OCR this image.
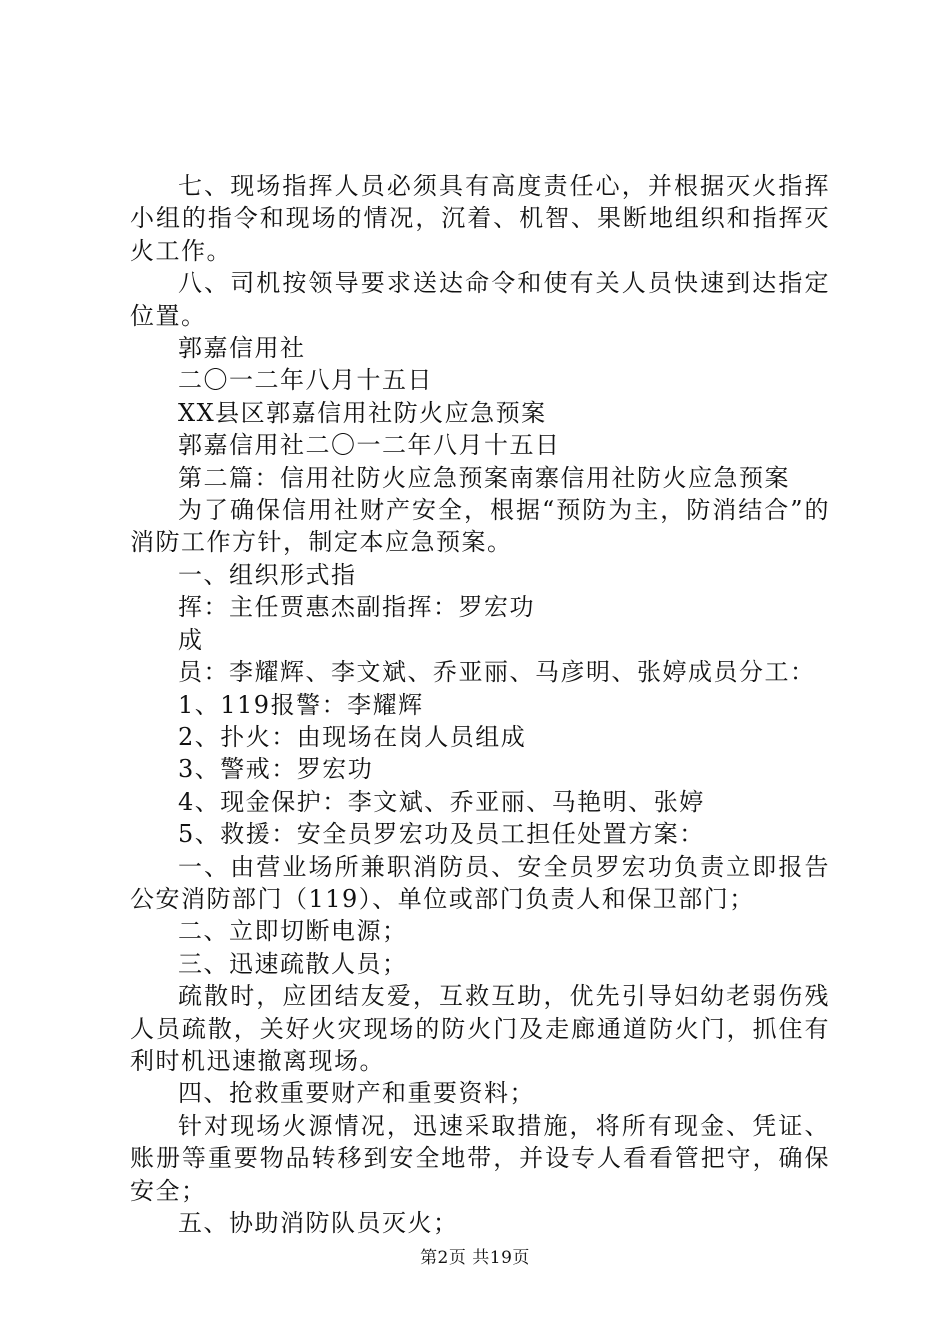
七、现场指挥人员必须具有高度责任心，并根据灭火指挥小组的指令和现场的情况，沉着、机智、果断地组织和指挥灭火工作。

八、司机按领导要求送达命令和使有关人员快速到达指定位置。

郭嘉信用社

二〇一二年八月十五日

XX县区郭嘉信用社防火应急预案

郭嘉信用社二〇一二年八月十五日

第二篇：信用社防火应急预案南寨信用社防火应急预案

为了确保信用社财产安全，根据“预防为主，防消结合”的消防工作方针，制定本应急预案。

一、组织形式指

挥：主任贾惠杰副指挥：罗宏功

成

员：李耀辉、李文斌、乔亚丽、马彦明、张婷成员分工：

1、119报警：李耀辉

2、扑火：由现场在岗人员组成

3、警戒：罗宏功

4、现金保护：李文斌、乔亚丽、马艳明、张婷

5、救援：安全员罗宏功及员工担任处置方案：

一、由营业场所兼职消防员、安全员罗宏功负责立即报告公安消防部门（119）、单位或部门负责人和保卫部门；

二、立即切断电源；

三、迅速疏散人员；

疏散时，应团结友爱，互救互助，优先引导妇幼老弱伤残人员疏散，关好火灾现场的防火门及走廊通道防火门，抓住有利时机迅速撤离现场。

四、抢救重要财产和重要资料；

针对现场火源情况，迅速采取措施，将所有现金、凭证、账册等重要物品转移到安全地带，并设专人看看管把守，确保安全；

五、协助消防队员灭火；

第2页 共19页
